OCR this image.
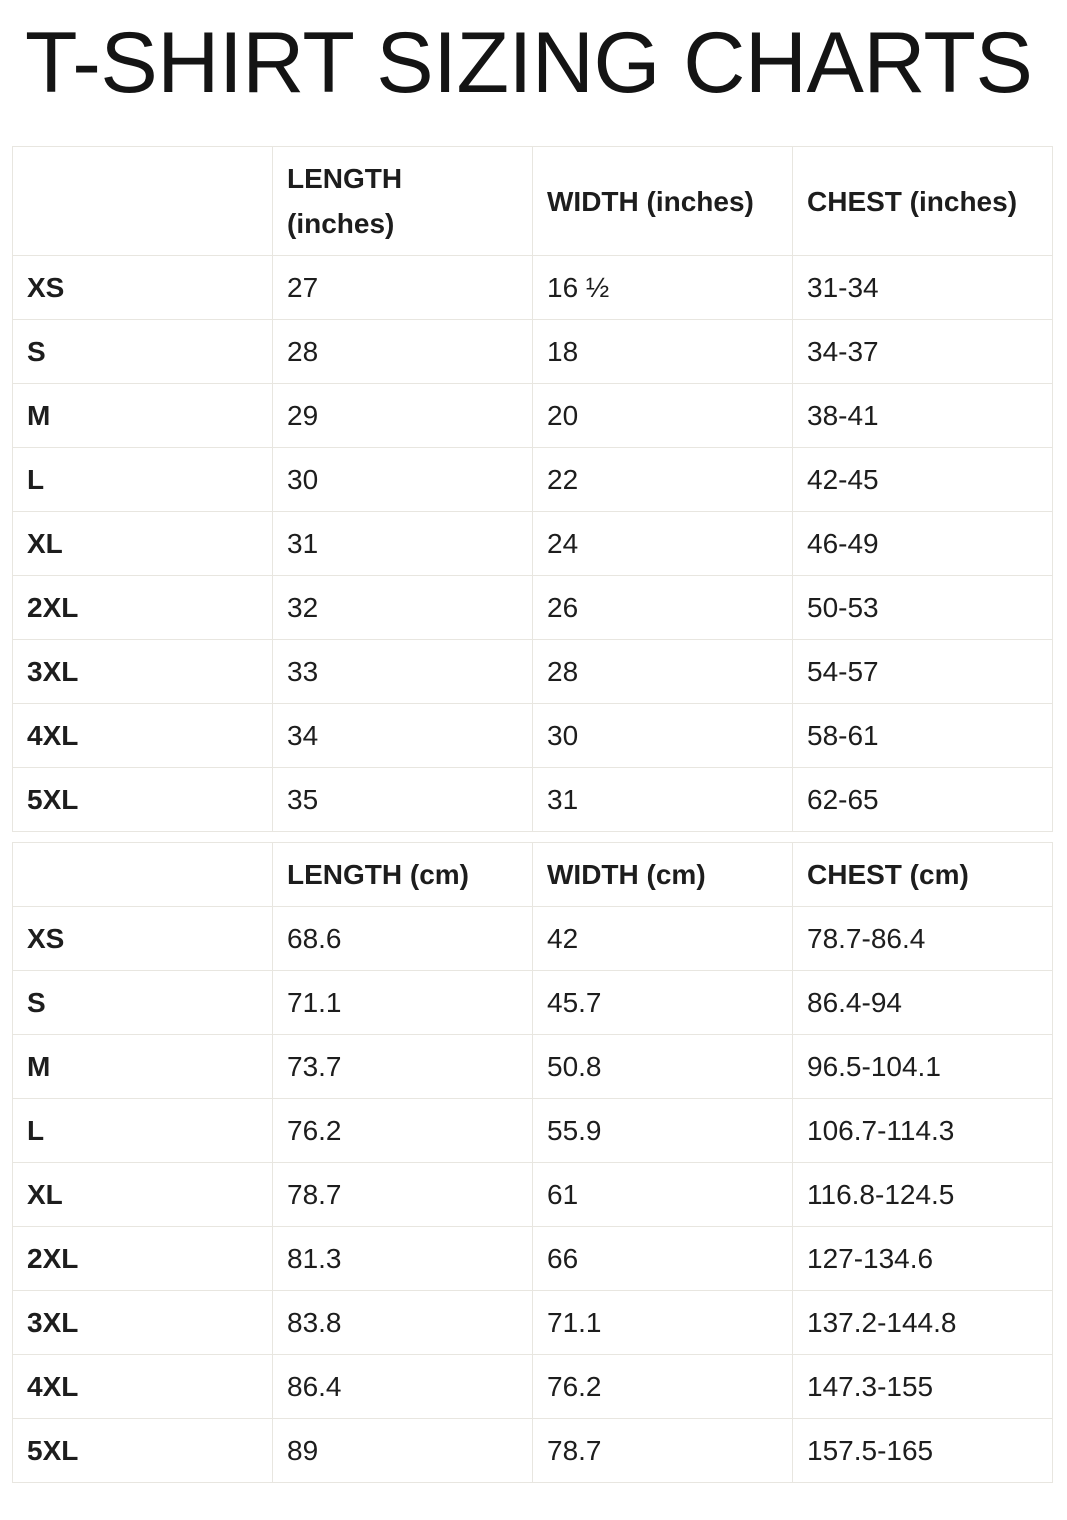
T-SHIRT SIZING CHARTS
	LENGTH (inches)	WIDTH (inches)	CHEST (inches)
XS	27	16 ½	31-34
S	28	18	34-37
M	29	20	38-41
L	30	22	42-45
XL	31	24	46-49
2XL	32	26	50-53
3XL	33	28	54-57
4XL	34	30	58-61
5XL	35	31	62-65
	LENGTH (cm)	WIDTH (cm)	CHEST (cm)
XS	68.6	42	78.7-86.4
S	71.1	45.7	86.4-94
M	73.7	50.8	96.5-104.1
L	76.2	55.9	106.7-114.3
XL	78.7	61	116.8-124.5
2XL	81.3	66	127-134.6
3XL	83.8	71.1	137.2-144.8
4XL	86.4	76.2	147.3-155
5XL	89	78.7	157.5-165
